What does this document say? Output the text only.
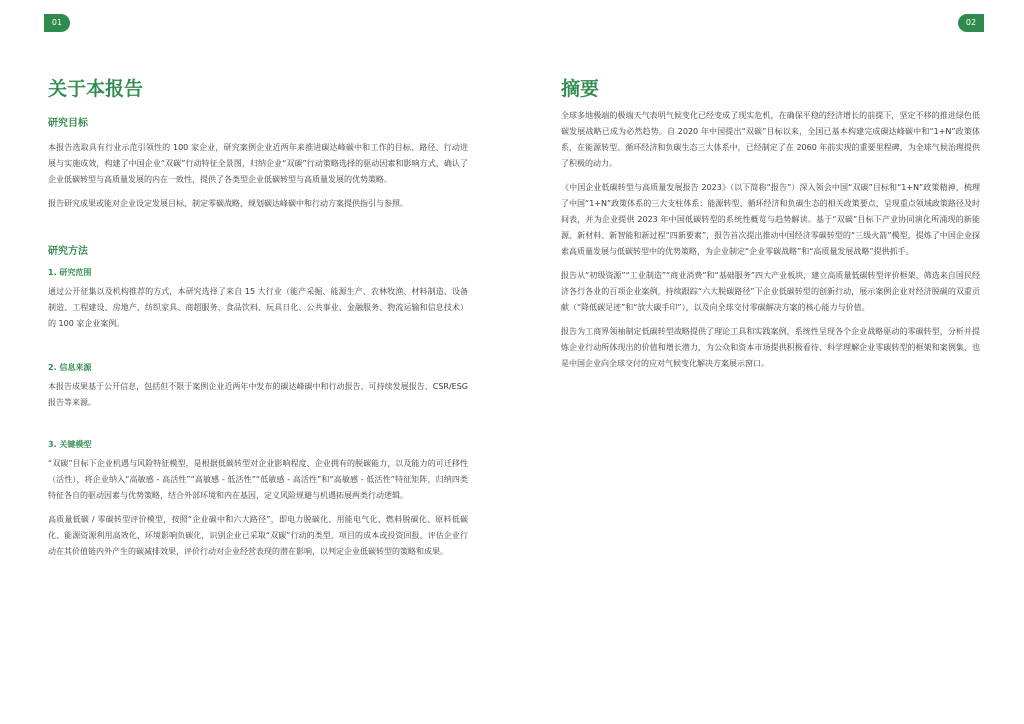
01	02
关于本报告
研究目标

本报告选取具有行业示范引领性的 100 家企业，研究案例企业近两年来推进碳达峰碳中和工作的目标、路径、行动进展与实施成效，构建了中国企业“双碳”行动特征全景图，归纳企业“双碳”行动策略选择的驱动因素和影响方式，确认了企业低碳转型与高质量发展的内在一致性，提供了各类型企业低碳转型与高质量发展的优势策略。

报告研究成果或能对企业设定发展目标、制定零碳战略、规划碳达峰碳中和行动方案提供指引与参照。

研究方法
1. 研究范围

通过公开征集以及机构推荐的方式，本研究选择了来自 15 大行业（能产采掘、能源生产、农林牧渔、材料制造、设备制造、工程建设、房地产、纺织家具、商超服务、食品饮料、玩具日化、公共事业、金融服务、物流运输和信息技术）的 100 家企业案例。

2. 信息来源

本报告成果基于公开信息，包括但不限于案例企业近两年中发布的碳达峰碳中和行动报告、可持续发展报告、CSR/ESG 报告等来源。

3. 关键模型

“双碳”目标下企业机遇与风险特征模型，是根据低碳转型对企业影响程度、企业拥有的脱碳能力，以及能力的可迁移性（活性），将企业纳入“高敏感 - 高活性”“高敏感 - 低活性”“低敏感 - 高活性”和“高敏感 - 低活性”特征矩阵，归纳四类特征各自的驱动因素与优势策略，结合外部环境和内在基因，定义风险规避与机遇拓展两类行动逻辑。

高质量低碳 / 零碳转型评价模型，按照“企业碳中和六大路径”，即电力脱碳化、用能电气化、燃料脱碳化、原料低碳化、能源资源利用高效化、环境影响负碳化，识别企业已采取“双碳”行动的类型、项目的成本或投资回报，评估企业行动在其价值链内外产生的碳减排效果，评价行动对企业经营表现的潜在影响，以判定企业低碳转型的策略和成果。

摘要

全球多地极端的极端天气表明气候变化已经变成了现实危机，在确保平稳的经济增长的前提下，坚定不移的推进绿色低碳发展战略已成为必然趋势。自 2020 年中国提出“双碳”目标以来，全国已基本构建完成碳达峰碳中和“1+N”政策体系，在能源转型、循环经济和负碳生态三大体系中，已经制定了在 2060 年前实现的重要里程碑，为全球气候治理提供了积极的动力。

《中国企业低碳转型与高质量发展报告 2023》（以下简称“报告”）深入领会中国“双碳”目标和“1+N”政策精神，梳理了中国“1+N”政策体系的三大支柱体系：能源转型、循环经济和负碳生态的相关政策要点，呈现重点领域政策路径及时间表，并为企业提供 2023 年中国低碳转型的系统性概览与趋势解读。基于“双碳”目标下产业协同演化所涌现的新能源、新材料、新智能和新过程“四新要素”，报告首次提出推动中国经济零碳转型的“三级火箭”模型，提炼了中国企业探索高质量发展与低碳转型中的优势策略，为企业制定“企业零碳战略”和“高质量发展战略”提供抓手。

报告从“初级资源”“工业制造”“商业消费”和“基础服务”四大产业板块，建立高质量低碳转型评价框架，筛选来自国民经济各行各业的百项企业案例，持续跟踪“六大脱碳路径”下企业低碳转型的创新行动，展示案例企业对经济脱碳的双重贡献（“降低碳足迹”和“放大碳手印”），以及向全球交付零碳解决方案的核心能力与价值。

报告为工商界领袖制定低碳转型战略提供了理论工具和实践案例，系统性呈现各个企业战略驱动的零碳转型，分析并提炼企业行动所体现出的价值和增长潜力，为公众和资本市场提供积极看待、科学理解企业零碳转型的框架和案例集，也是中国企业向全球交付的应对气候变化解决方案展示窗口。
